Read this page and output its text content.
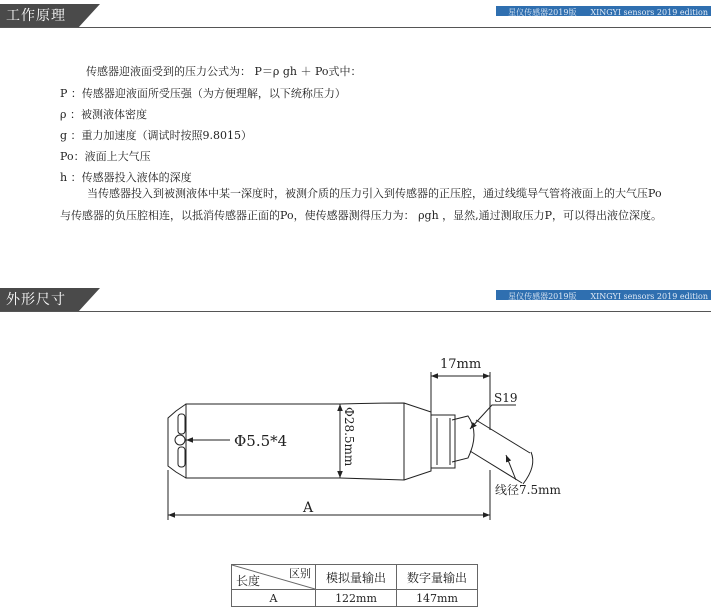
工作原理	星仪传感器2019版 XINGYI sensors 2019 edition
传感器迎液面受到的压力公式为： P＝ρ gh ＋ Po式中：
P ：传感器迎液面所受压强（为方便理解，以下统称压力）
ρ ：被测液体密度
g ：重力加速度（调试时按照9.8015）
Po：液面上大气压
h ：传感器投入液体的深度
当传感器投入到被测液体中某一深度时，被测介质的压力引入到传感器的正压腔，通过线缆导气管将液面上的大气压Po与传感器的负压腔相连，以抵消传感器正面的Po，使传感器测得压力为： ρgh ，显然,通过测取压力P，可以得出液位深度。
外形尺寸	星仪传感器2019版 XINGYI sensors 2019 edition
Φ5.5*4	Φ28.5mm
17mm
S19
线径7.5mm
A
区别
长度	模拟量输出	数字量输出
A	122mm	147mm
